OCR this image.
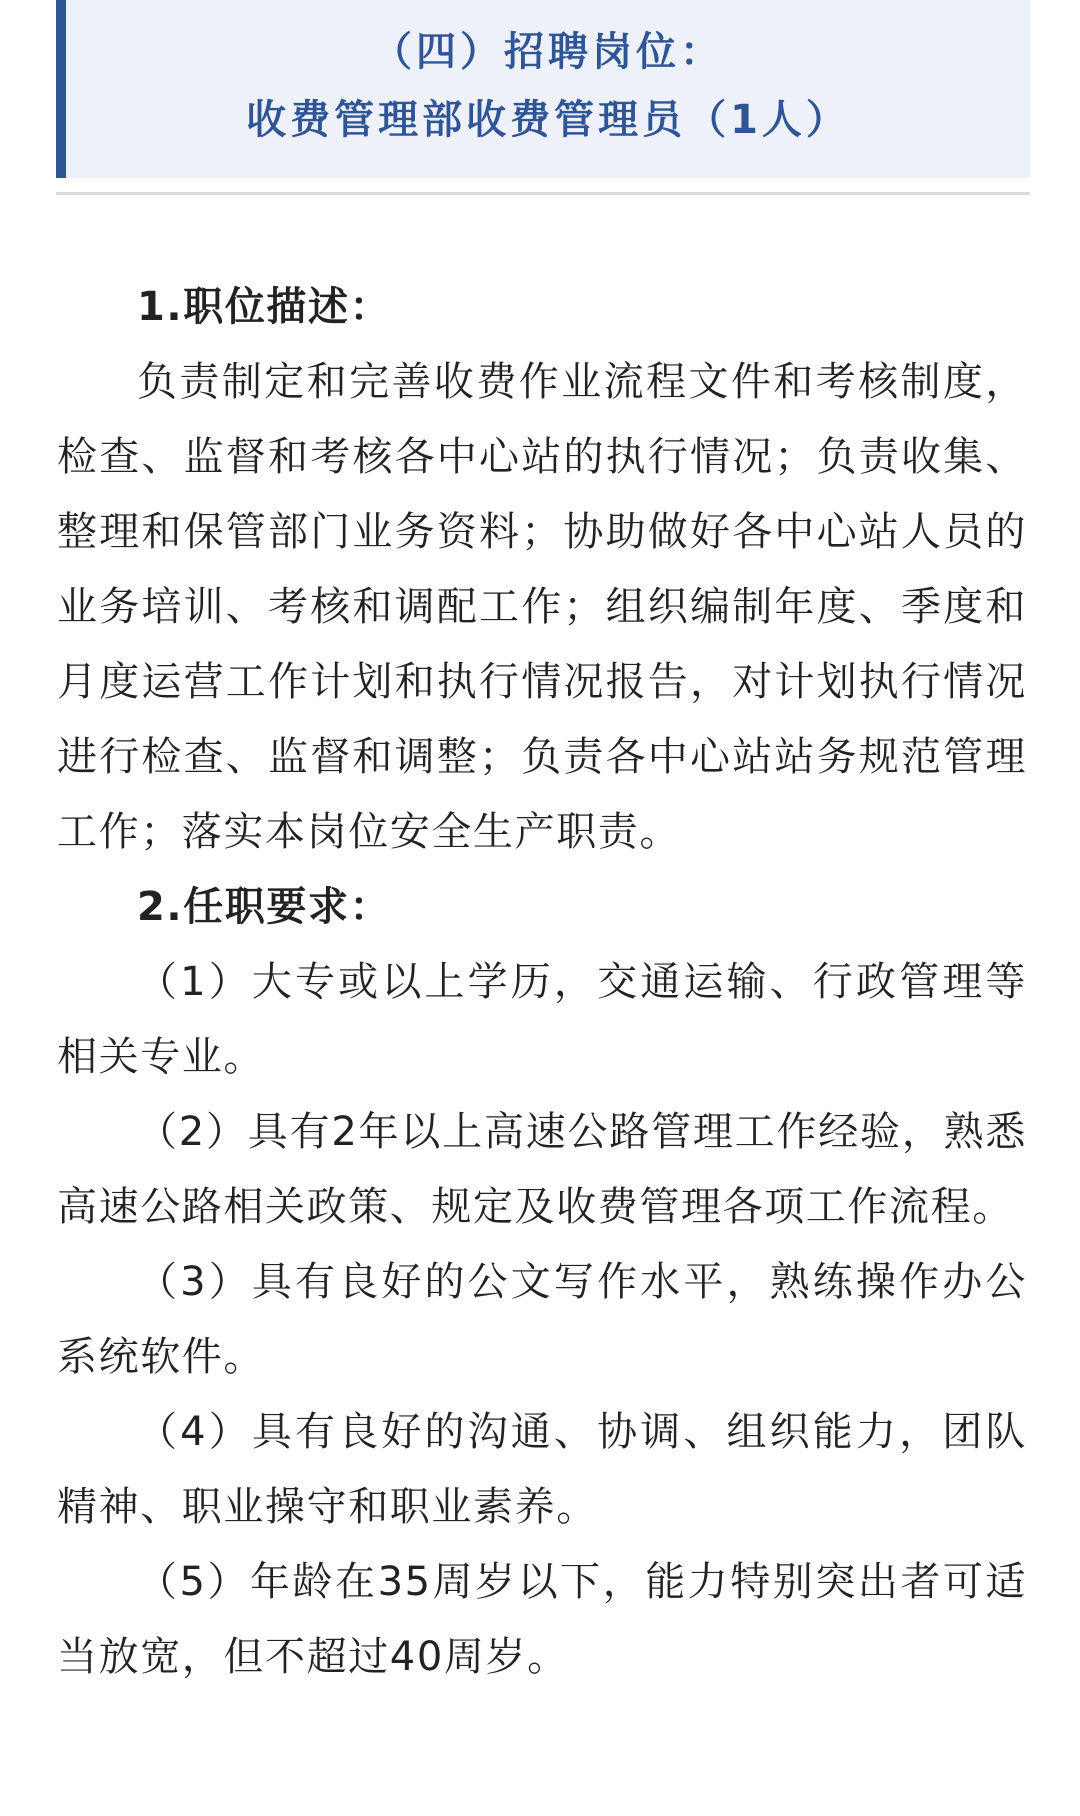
（四）招聘岗位：
收费管理部收费管理员（1人）

1.职位描述：

负责制定和完善收费作业流程文件和考核制度，检查、监督和考核各中心站的执行情况；负责收集、整理和保管部门业务资料；协助做好各中心站人员的业务培训、考核和调配工作；组织编制年度、季度和月度运营工作计划和执行情况报告，对计划执行情况进行检查、监督和调整；负责各中心站站务规范管理工作；落实本岗位安全生产职责。

2.任职要求：

（1）大专或以上学历，交通运输、行政管理等相关专业。

（2）具有2年以上高速公路管理工作经验，熟悉高速公路相关政策、规定及收费管理各项工作流程。

（3）具有良好的公文写作水平，熟练操作办公系统软件。

（4）具有良好的沟通、协调、组织能力，团队精神、职业操守和职业素养。

（5）年龄在35周岁以下，能力特别突出者可适当放宽，但不超过40周岁。
